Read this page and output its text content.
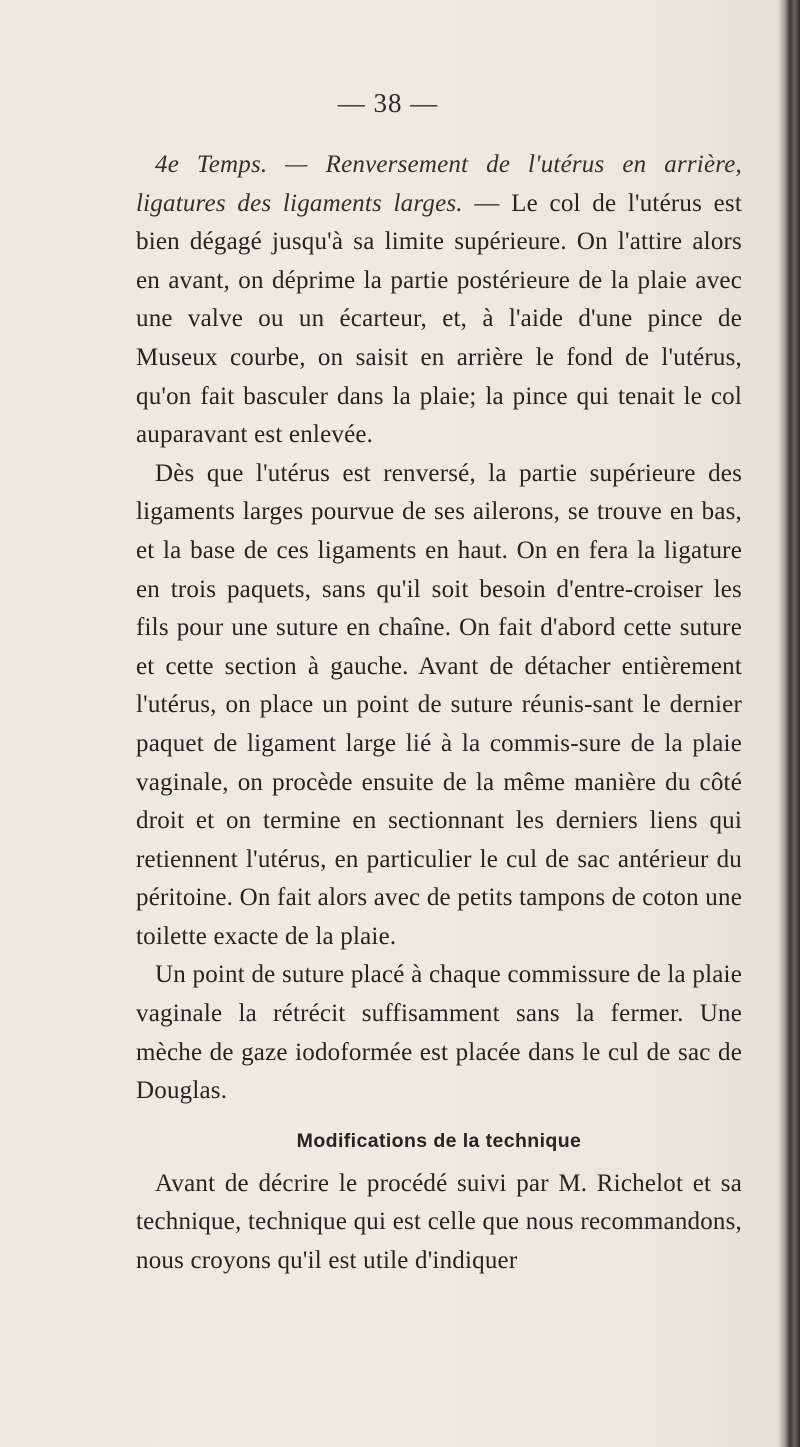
— 38 —

4e Temps. — Renversement de l'utérus en arrière, ligatures des ligaments larges. — Le col de l'utérus est bien dégagé jusqu'à sa limite supérieure. On l'attire alors en avant, on déprime la partie postérieure de la plaie avec une valve ou un écarteur, et, à l'aide d'une pince de Museux courbe, on saisit en arrière le fond de l'utérus, qu'on fait basculer dans la plaie; la pince qui tenait le col auparavant est enlevée.

Dès que l'utérus est renversé, la partie supérieure des ligaments larges pourvue de ses ailerons, se trouve en bas, et la base de ces ligaments en haut. On en fera la ligature en trois paquets, sans qu'il soit besoin d'entre-croiser les fils pour une suture en chaîne. On fait d'abord cette suture et cette section à gauche. Avant de détacher entièrement l'utérus, on place un point de suture réunis-sant le dernier paquet de ligament large lié à la commis-sure de la plaie vaginale, on procède ensuite de la même manière du côté droit et on termine en sectionnant les derniers liens qui retiennent l'utérus, en particulier le cul de sac antérieur du péritoine. On fait alors avec de petits tampons de coton une toilette exacte de la plaie.

Un point de suture placé à chaque commissure de la plaie vaginale la rétrécit suffisamment sans la fermer. Une mèche de gaze iodoformée est placée dans le cul de sac de Douglas.

Modifications de la technique

Avant de décrire le procédé suivi par M. Richelot et sa technique, technique qui est celle que nous recommandons, nous croyons qu'il est utile d'indiquer
